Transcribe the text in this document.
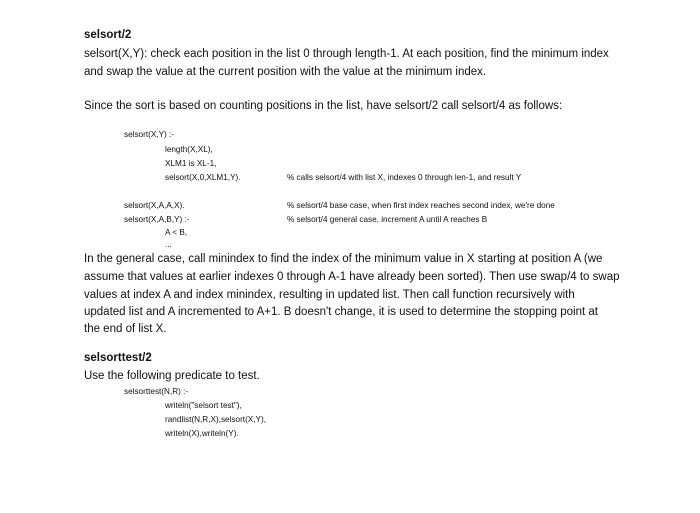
selsort/2
selsort(X,Y): check each position in the list 0 through length-1. At each position, find the minimum index
and swap the value at the current position with the value at the minimum index.
Since the sort is based on counting positions in the list, have selsort/2 call selsort/4 as follows:
selsort(X,Y) :-
length(X,XL),
XLM1 is XL-1,
selsort(X,0,XLM1,Y).	% calls selsort/4 with list X, indexes 0 through len-1, and result Y
selsort(X,A,A,X).	% selsort/4 base case, when first index reaches second index, we're done
selsort(X,A,B,Y) :-	% selsort/4 general case, increment A until A reaches B
A < B,
...
In the general case, call minindex to find the index of the minimum value in X starting at position A (we
assume that values at earlier indexes 0 through A-1 have already been sorted). Then use swap/4 to swap
values at index A and index minindex, resulting in updated list. Then call function recursively with
updated list and A incremented to A+1. B doesn't change, it is used to determine the stopping point at
the end of list X.
selsorttest/2
Use the following predicate to test.
selsorttest(N,R) :-
writeln("selsort test"),
randlist(N,R,X),selsort(X,Y),
writeln(X),writeln(Y).
